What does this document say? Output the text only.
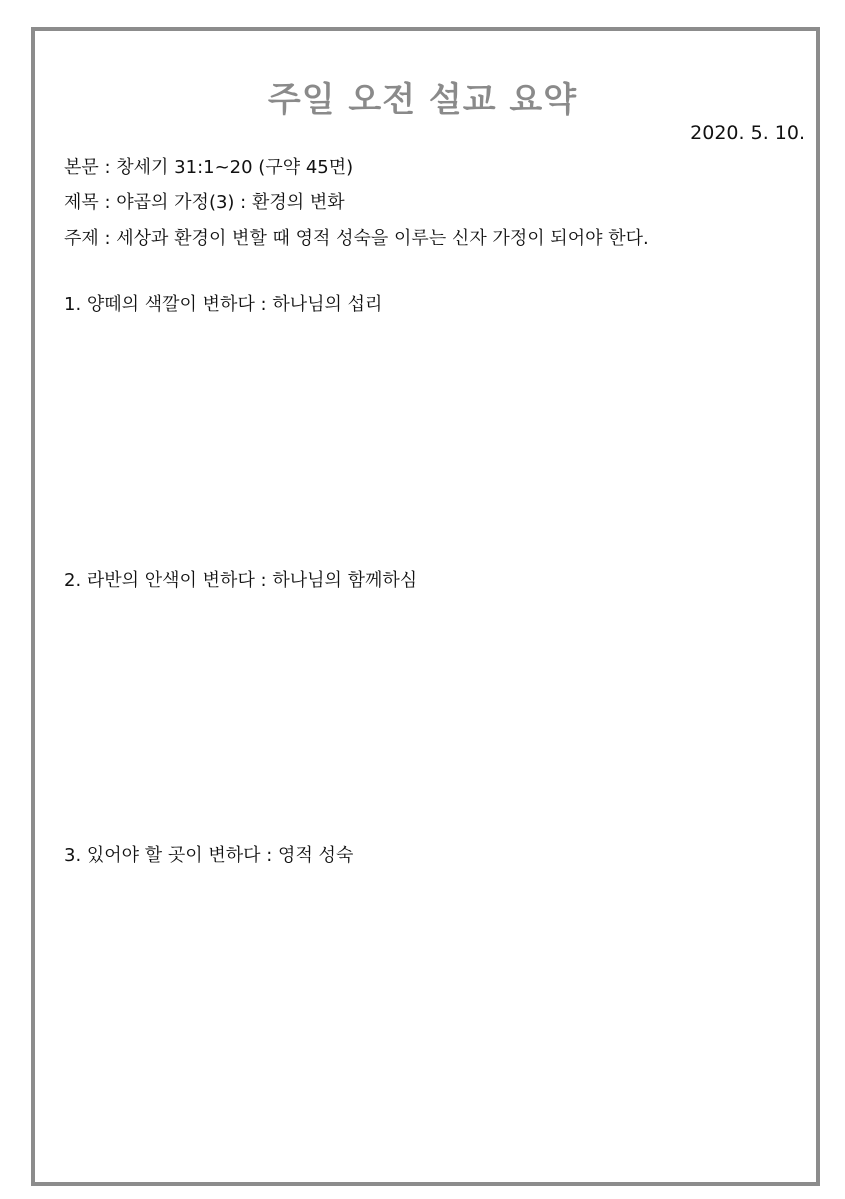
주일 오전 설교 요약
2020. 5. 10.
본문 : 창세기 31:1~20 (구약 45면)
제목 : 야곱의 가정(3) : 환경의 변화
주제 : 세상과 환경이 변할 때 영적 성숙을 이루는 신자 가정이 되어야 한다.
1. 양떼의 색깔이 변하다 : 하나님의 섭리
2. 라반의 안색이 변하다 : 하나님의 함께하심
3. 있어야 할 곳이 변하다 : 영적 성숙
